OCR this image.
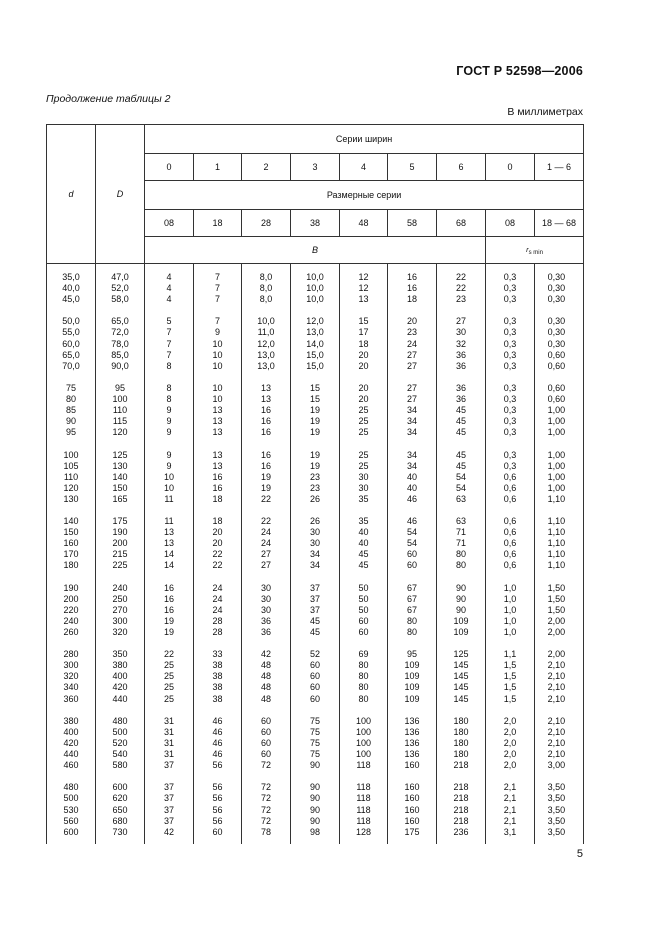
ГОСТ Р 52598—2006
Продолжение таблицы 2
В миллиметрах
d	D	Серии ширин								
		0	1	2	3	4	5	6	0	1 — 6
		Размерные серии								
		08	18	28	38	48	58	68	08	18 — 68
		B							$r_{s min}$

35,0	47,0	4	7	8,0	10,0	12	16	22	0,3	0,30
40,0	52,0	4	7	8,0	10,0	12	16	22	0,3	0,30
45,0	58,0	4	7	8,0	10,0	13	18	23	0,3	0,30

50,0	65,0	5	7	10,0	12,0	15	20	27	0,3	0,30
55,0	72,0	7	9	11,0	13,0	17	23	30	0,3	0,30
60,0	78,0	7	10	12,0	14,0	18	24	32	0,3	0,30
65,0	85,0	7	10	13,0	15,0	20	27	36	0,3	0,60
70,0	90,0	8	10	13,0	15,0	20	27	36	0,3	0,60

75	95	8	10	13	15	20	27	36	0,3	0,60
80	100	8	10	13	15	20	27	36	0,3	0,60
85	110	9	13	16	19	25	34	45	0,3	1,00
90	115	9	13	16	19	25	34	45	0,3	1,00
95	120	9	13	16	19	25	34	45	0,3	1,00

100	125	9	13	16	19	25	34	45	0,3	1,00
105	130	9	13	16	19	25	34	45	0,3	1,00
110	140	10	16	19	23	30	40	54	0,6	1,00
120	150	10	16	19	23	30	40	54	0,6	1,00
130	165	11	18	22	26	35	46	63	0,6	1,10

140	175	11	18	22	26	35	46	63	0,6	1,10
150	190	13	20	24	30	40	54	71	0,6	1,10
160	200	13	20	24	30	40	54	71	0,6	1,10
170	215	14	22	27	34	45	60	80	0,6	1,10
180	225	14	22	27	34	45	60	80	0,6	1,10

190	240	16	24	30	37	50	67	90	1,0	1,50
200	250	16	24	30	37	50	67	90	1,0	1,50
220	270	16	24	30	37	50	67	90	1,0	1,50
240	300	19	28	36	45	60	80	109	1,0	2,00
260	320	19	28	36	45	60	80	109	1,0	2,00

280	350	22	33	42	52	69	95	125	1,1	2,00
300	380	25	38	48	60	80	109	145	1,5	2,10
320	400	25	38	48	60	80	109	145	1,5	2,10
340	420	25	38	48	60	80	109	145	1,5	2,10
360	440	25	38	48	60	80	109	145	1,5	2,10

380	480	31	46	60	75	100	136	180	2,0	2,10
400	500	31	46	60	75	100	136	180	2,0	2,10
420	520	31	46	60	75	100	136	180	2,0	2,10
440	540	31	46	60	75	100	136	180	2,0	2,10
460	580	37	56	72	90	118	160	218	2,0	3,00

480	600	37	56	72	90	118	160	218	2,1	3,50
500	620	37	56	72	90	118	160	218	2,1	3,50
530	650	37	56	72	90	118	160	218	2,1	3,50
560	680	37	56	72	90	118	160	218	2,1	3,50
600	730	42	60	78	98	128	175	236	3,1	3,50

5
